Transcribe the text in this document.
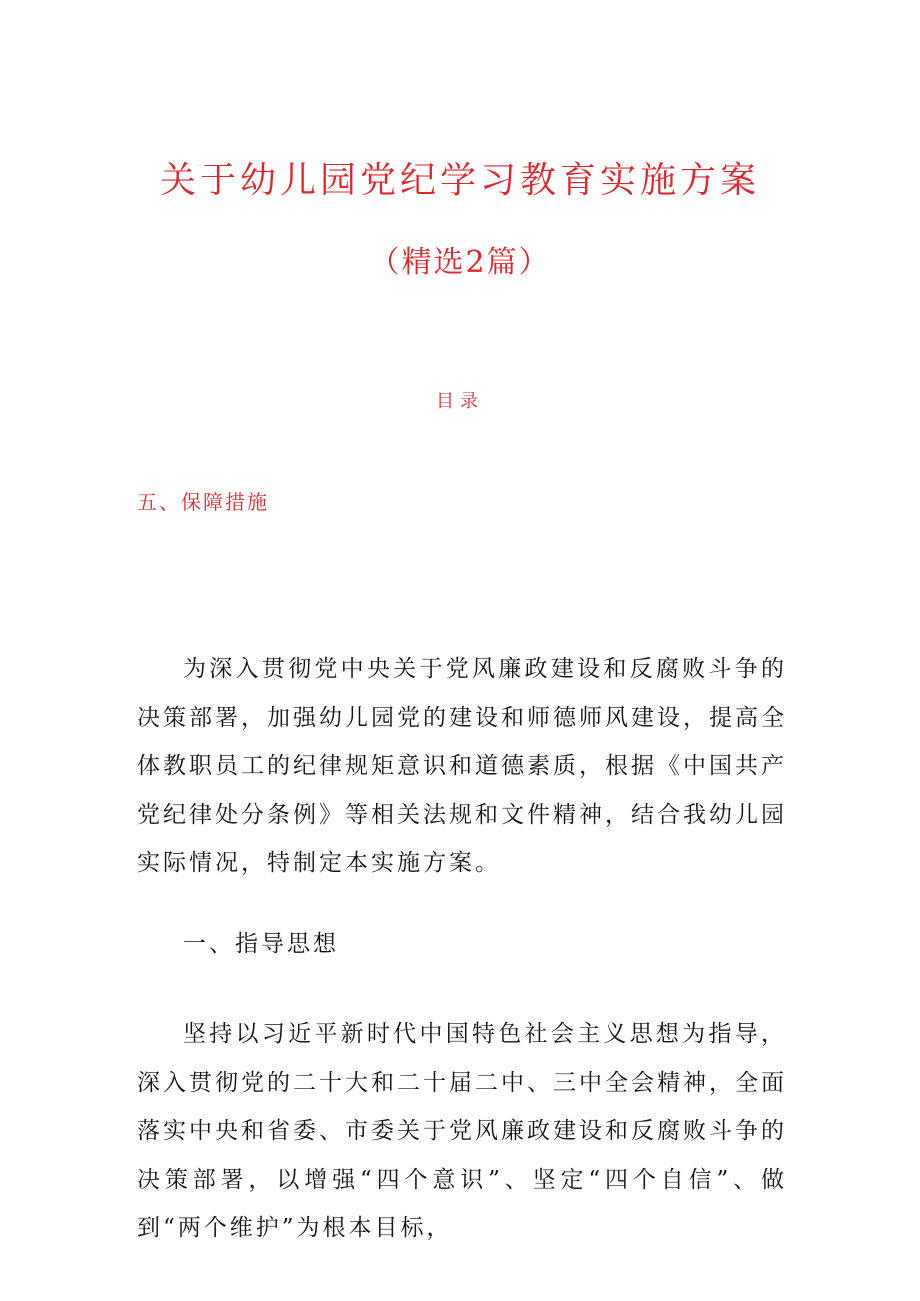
关于幼儿园党纪学习教育实施方案
（精选2篇）
目录
五、保障措施

为深入贯彻党中央关于党风廉政建设和反腐败斗争的决策部署，加强幼儿园党的建设和师德师风建设，提高全体教职员工的纪律规矩意识和道德素质，根据《中国共产党纪律处分条例》等相关法规和文件精神，结合我幼儿园实际情况，特制定本实施方案。

一、指导思想

坚持以习近平新时代中国特色社会主义思想为指导，深入贯彻党的二十大和二十届二中、三中全会精神，全面落实中央和省委、市委关于党风廉政建设和反腐败斗争的决策部署，以增强“四个意识”、坚定“四个自信”、做到“两个维护”为根本目标，
